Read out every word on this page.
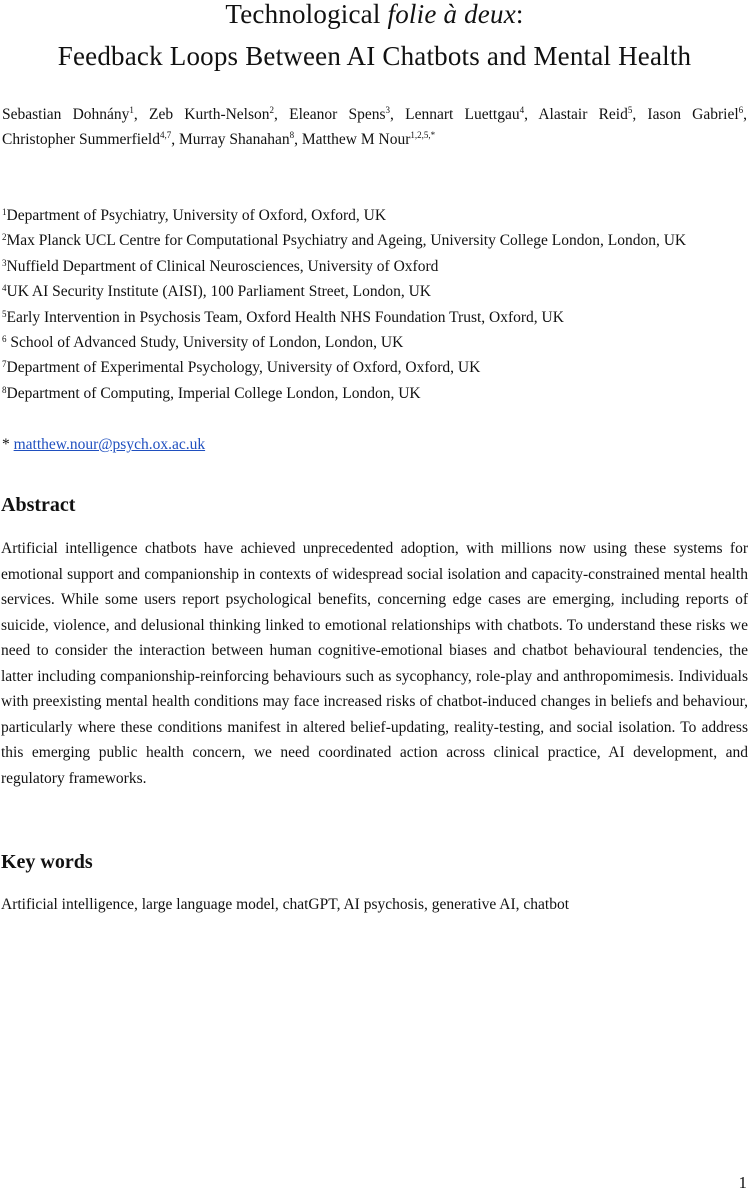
Technological folie à deux:
Feedback Loops Between AI Chatbots and Mental Health
Sebastian Dohnány$^1$, Zeb Kurth-Nelson$^2$, Eleanor Spens$^3$, Lennart Luettgau$^4$, Alastair Reid$^5$, Iason Gabriel$^6$,
Christopher Summerfield$^{4,7}$, Murray Shanahan$^8$, Matthew M Nour$^{1,2,5,*}$
$^1$Department of Psychiatry, University of Oxford, Oxford, UK
$^2$Max Planck UCL Centre for Computational Psychiatry and Ageing, University College London, London, UK
$^3$Nuffield Department of Clinical Neurosciences, University of Oxford
$^4$UK AI Security Institute (AISI), 100 Parliament Street, London, UK
$^5$Early Intervention in Psychosis Team, Oxford Health NHS Foundation Trust, Oxford, UK
$^6$ School of Advanced Study, University of London, London, UK
$^7$Department of Experimental Psychology, University of Oxford, Oxford, UK
$^8$Department of Computing, Imperial College London, London, UK
* matthew.nour@psych.ox.ac.uk
Abstract

Artificial intelligence chatbots have achieved unprecedented adoption, with millions now using these systems for emotional support and companionship in contexts of widespread social isolation and capacity-constrained mental health services. While some users report psychological benefits, concerning edge cases are emerging, including reports of suicide, violence, and delusional thinking linked to emotional relationships with chatbots. To understand these risks we need to consider the interaction between human cognitive-emotional biases and chatbot behavioural tendencies, the latter including companionship-reinforcing behaviours such as sycophancy, role-play and anthropomimesis. Individuals with preexisting mental health conditions may face increased risks of chatbot-induced changes in beliefs and behaviour, particularly where these conditions manifest in altered belief-updating, reality-testing, and social isolation. To address this emerging public health concern, we need coordinated action across clinical practice, AI development, and regulatory frameworks.

Key words

Artificial intelligence, large language model, chatGPT, AI psychosis, generative AI, chatbot

1
